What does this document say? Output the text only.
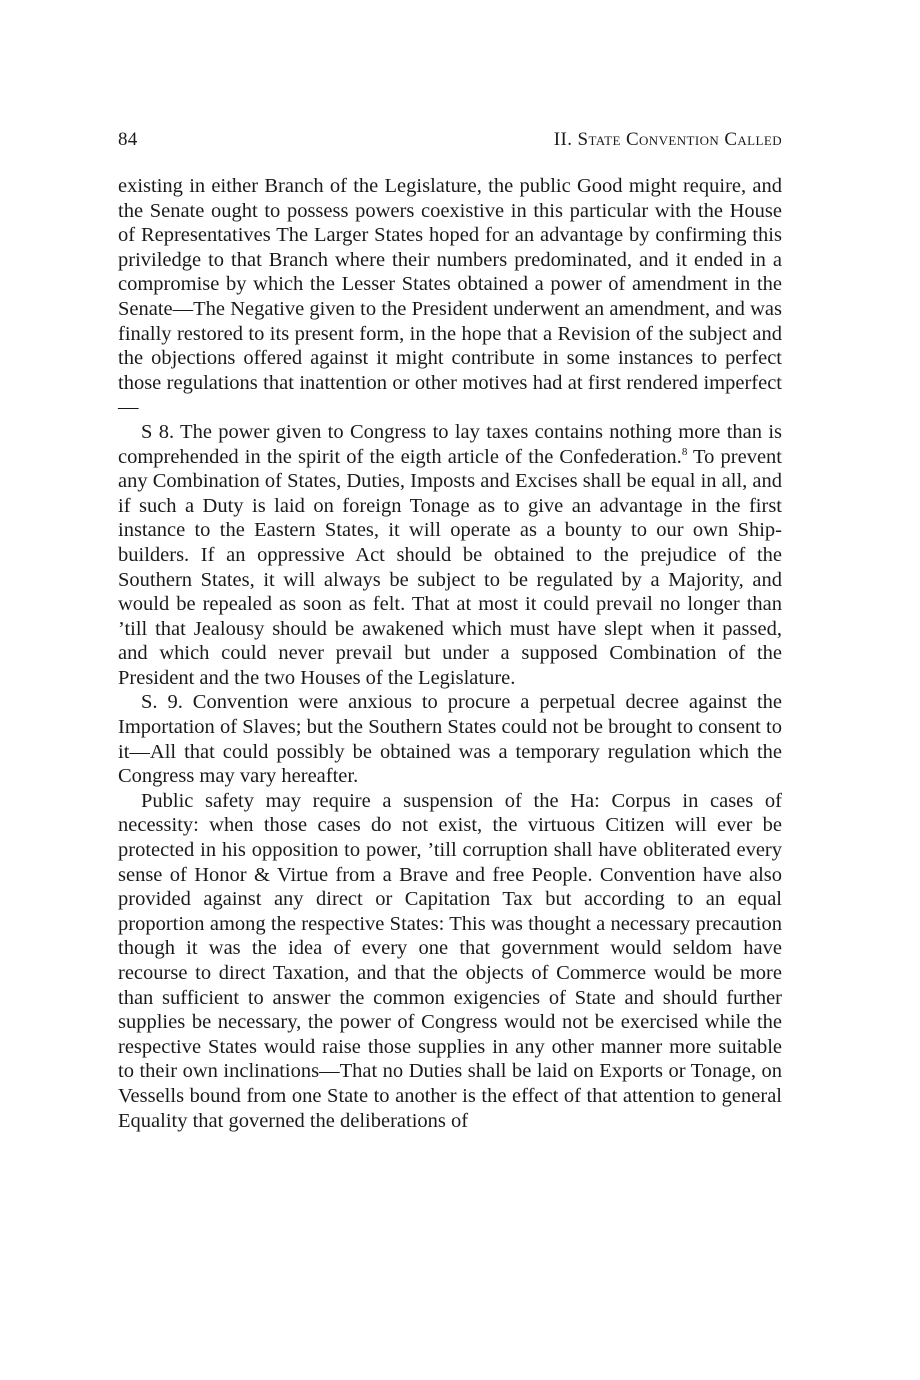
84	II. State Convention Called

existing in either Branch of the Legislature, the public Good might require, and the Senate ought to possess powers coexistive in this particular with the House of Representatives The Larger States hoped for an advantage by confirming this priviledge to that Branch where their numbers predominated, and it ended in a compromise by which the Lesser States obtained a power of amendment in the Senate—The Negative given to the President underwent an amendment, and was finally restored to its present form, in the hope that a Revision of the subject and the objections offered against it might contribute in some instances to perfect those regulations that inattention or other motives had at first rendered imperfect—

S 8. The power given to Congress to lay taxes contains nothing more than is comprehended in the spirit of the eigth article of the Confederation.$^8$ To prevent any Combination of States, Duties, Imposts and Excises shall be equal in all, and if such a Duty is laid on foreign Tonage as to give an advantage in the first instance to the Eastern States, it will operate as a bounty to our own Ship-builders. If an oppressive Act should be obtained to the prejudice of the Southern States, it will always be subject to be regulated by a Majority, and would be repealed as soon as felt. That at most it could prevail no longer than ’till that Jealousy should be awakened which must have slept when it passed, and which could never prevail but under a supposed Combination of the President and the two Houses of the Legislature.

S. 9. Convention were anxious to procure a perpetual decree against the Importation of Slaves; but the Southern States could not be brought to consent to it—All that could possibly be obtained was a temporary regulation which the Congress may vary hereafter.

Public safety may require a suspension of the Ha: Corpus in cases of necessity: when those cases do not exist, the virtuous Citizen will ever be protected in his opposition to power, ’till corruption shall have obliterated every sense of Honor & Virtue from a Brave and free People. Convention have also provided against any direct or Capitation Tax but according to an equal proportion among the respective States: This was thought a necessary precaution though it was the idea of every one that government would seldom have recourse to direct Taxation, and that the objects of Commerce would be more than sufficient to answer the common exigencies of State and should further supplies be necessary, the power of Congress would not be exercised while the respective States would raise those supplies in any other manner more suitable to their own inclinations—That no Duties shall be laid on Exports or Tonage, on Vessells bound from one State to another is the effect of that attention to general Equality that governed the deliberations of
